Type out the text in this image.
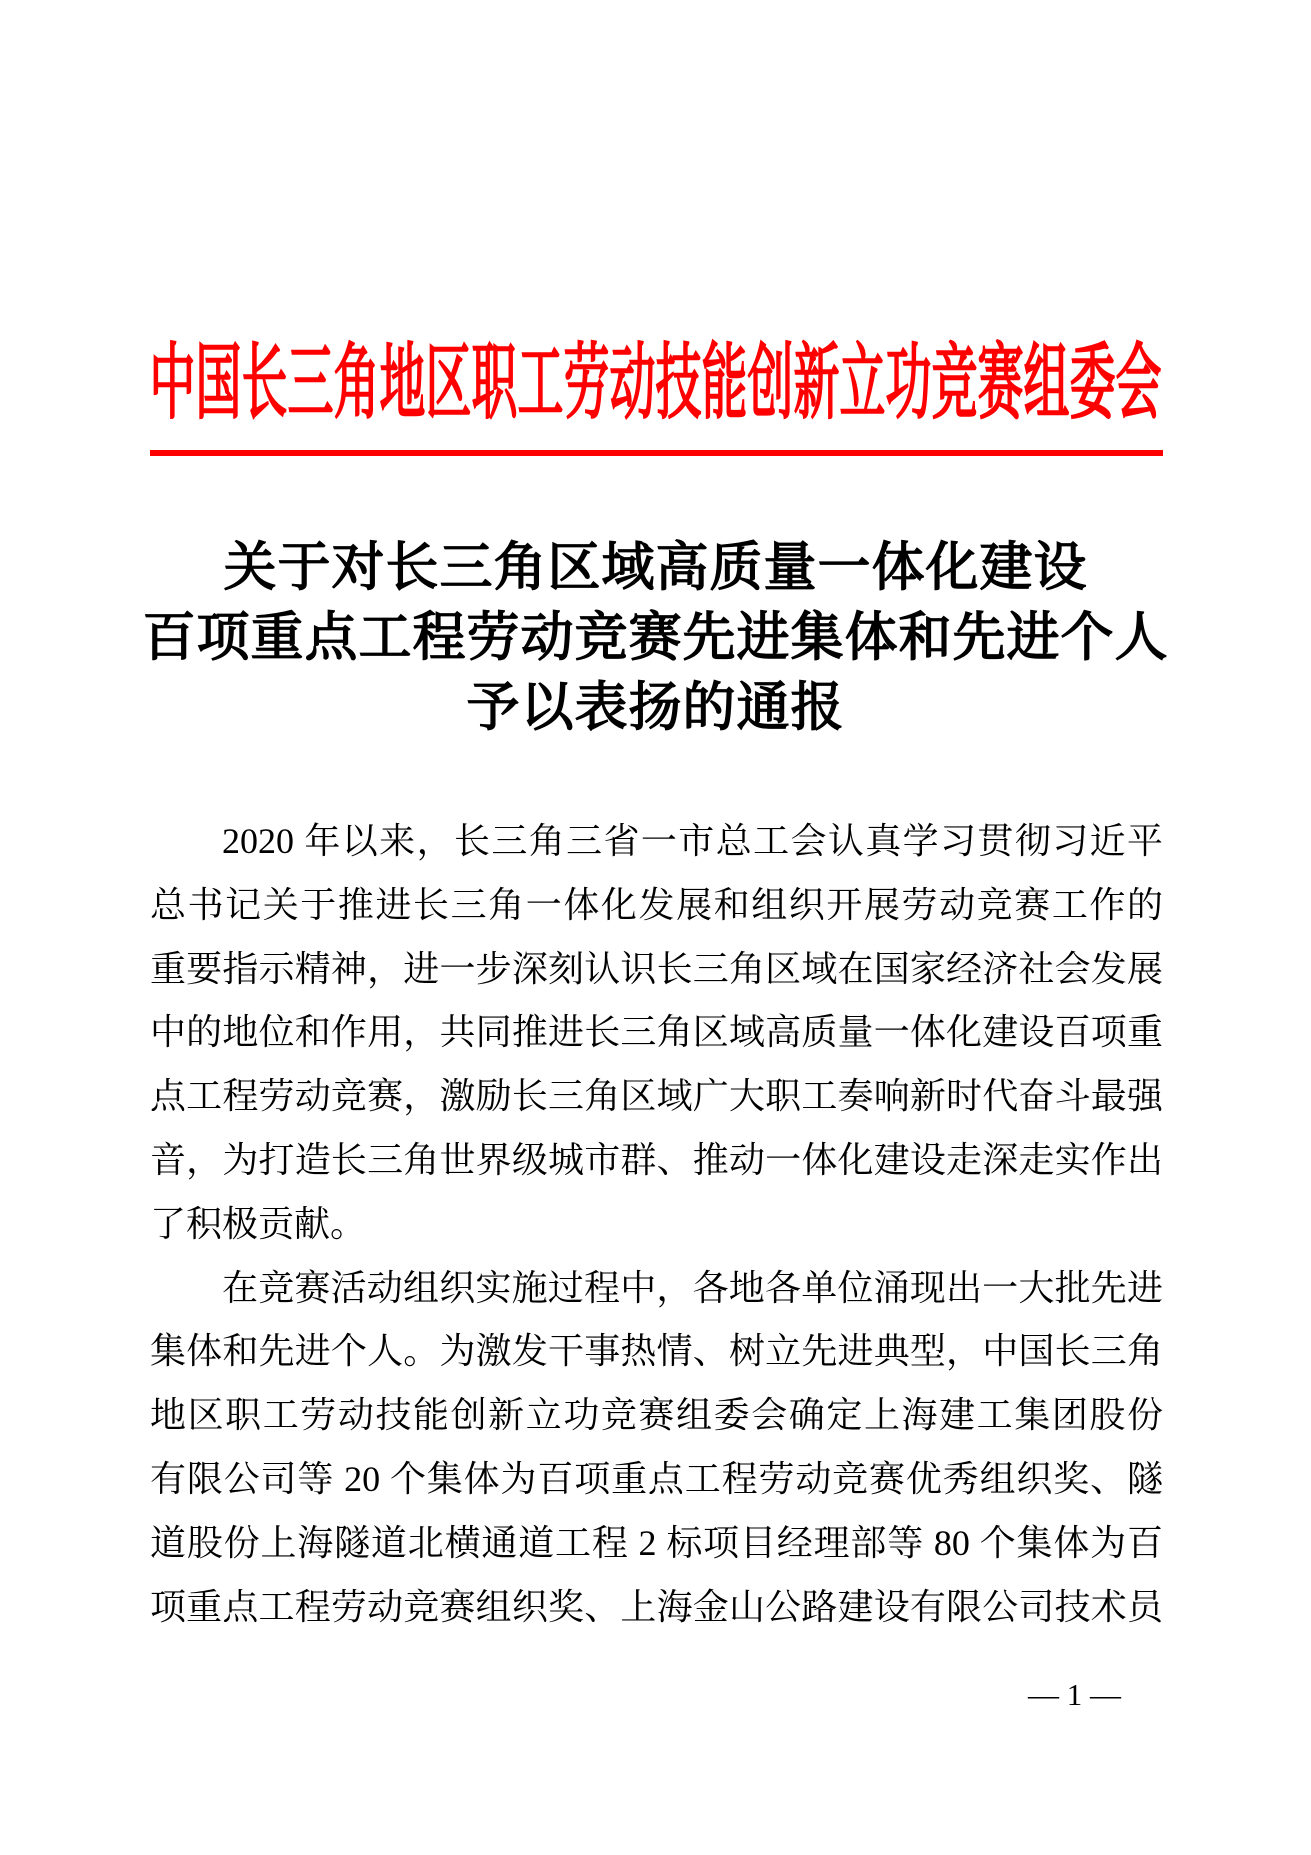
中国长三角地区职工劳动技能创新立功竞赛组委会
关于对长三角区域高质量一体化建设
百项重点工程劳动竞赛先进集体和先进个人
予以表扬的通报
2020 年以来，长三角三省一市总工会认真学习贯彻习近平
总书记关于推进长三角一体化发展和组织开展劳动竞赛工作的
重要指示精神，进一步深刻认识长三角区域在国家经济社会发展
中的地位和作用，共同推进长三角区域高质量一体化建设百项重
点工程劳动竞赛，激励长三角区域广大职工奏响新时代奋斗最强
音，为打造长三角世界级城市群、推动一体化建设走深走实作出
了积极贡献。
在竞赛活动组织实施过程中，各地各单位涌现出一大批先进
集体和先进个人。为激发干事热情、树立先进典型，中国长三角
地区职工劳动技能创新立功竞赛组委会确定上海建工集团股份
有限公司等 20 个集体为百项重点工程劳动竞赛优秀组织奖、隧
道股份上海隧道北横通道工程 2 标项目经理部等 80 个集体为百
项重点工程劳动竞赛组织奖、上海金山公路建设有限公司技术员
— 1 —
